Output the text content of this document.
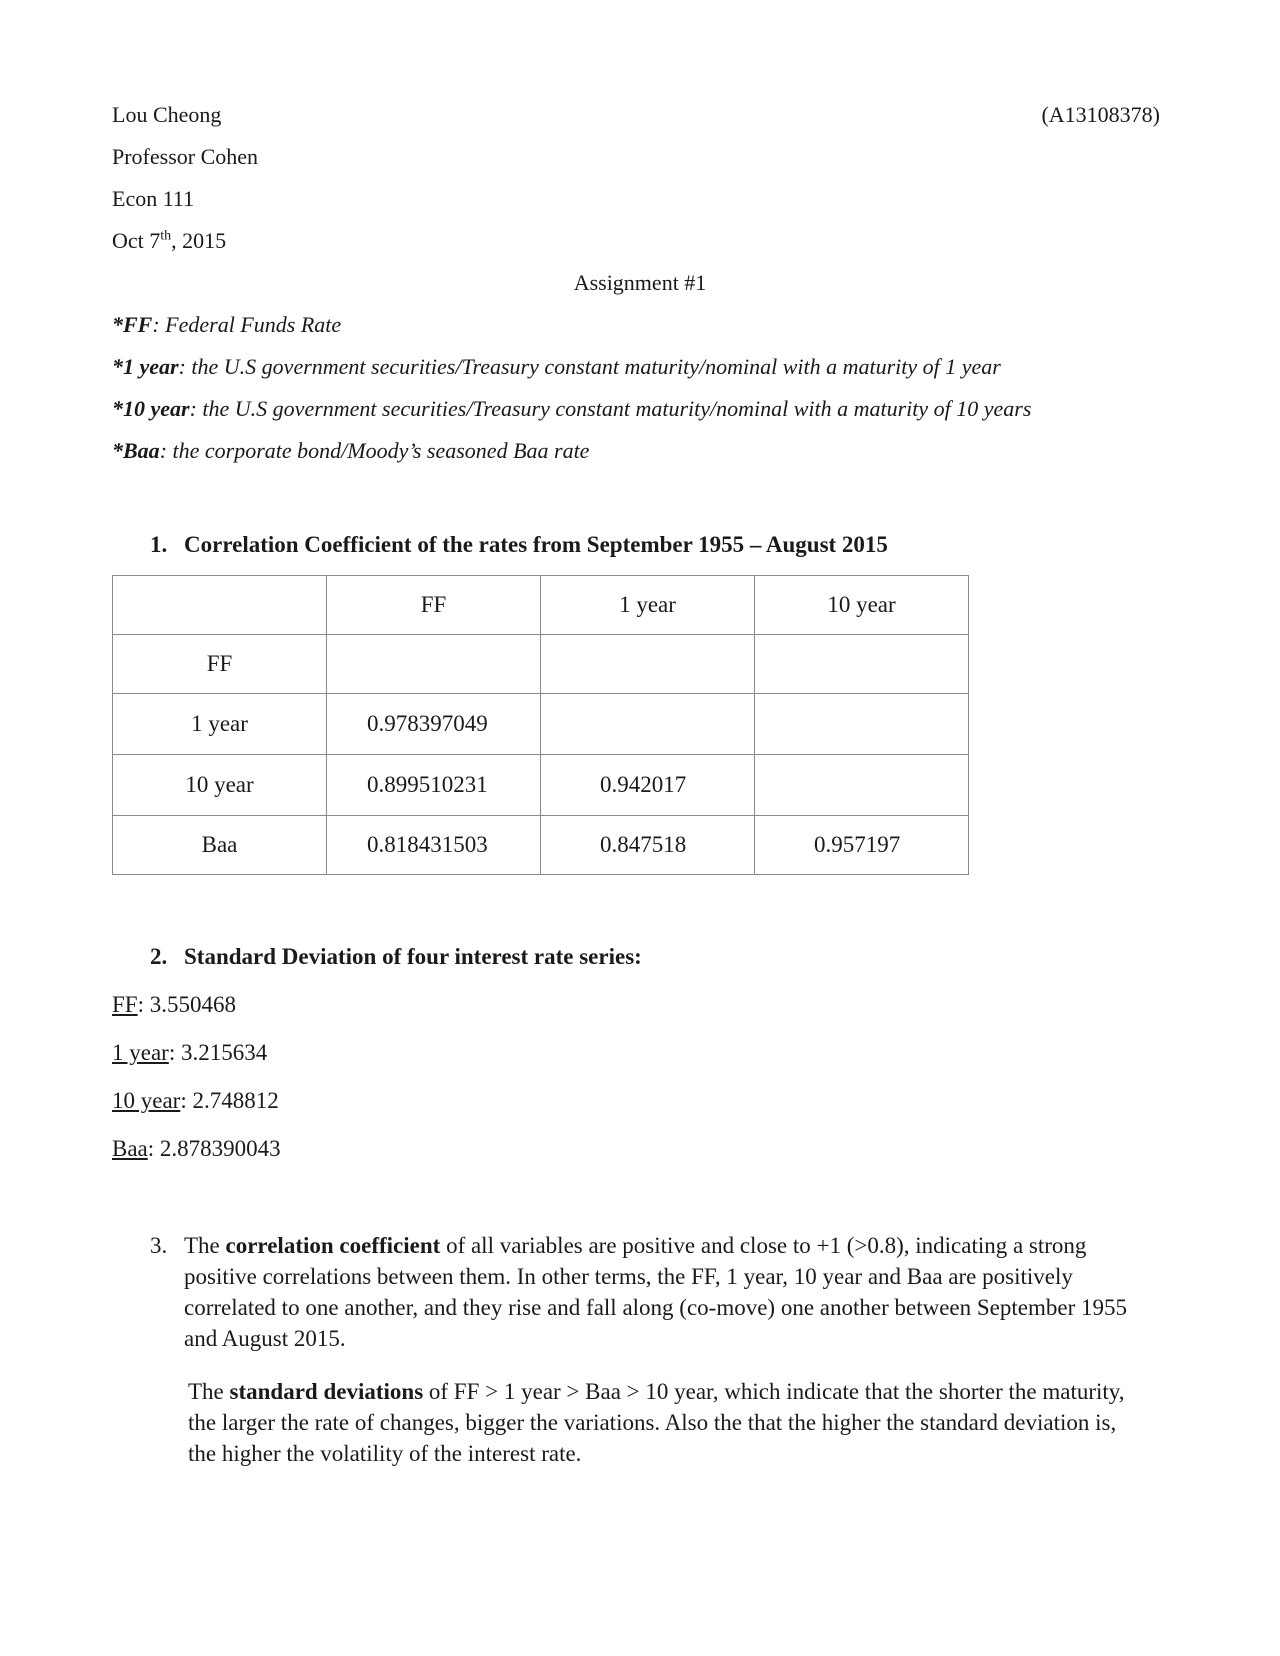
Lou Cheong	(A13108378)
Professor Cohen
Econ 111
Oct 7th, 2015
Assignment #1
*FF: Federal Funds Rate
*1 year: the U.S government securities/Treasury constant maturity/nominal with a maturity of 1 year
*10 year: the U.S government securities/Treasury constant maturity/nominal with a maturity of 10 years
*Baa: the corporate bond/Moody’s seasoned Baa rate
1. Correlation Coefficient of the rates from September 1955 – August 2015
	FF	1 year	10 year
FF			
1 year	0.978397049		
10 year	0.899510231	0.942017	
Baa	0.818431503	0.847518	0.957197
2. Standard Deviation of four interest rate series:
FF: 3.550468
1 year: 3.215634
10 year: 2.748812
Baa: 2.878390043
3. The correlation coefficient of all variables are positive and close to +1 (>0.8), indicating a strong positive correlations between them. In other terms, the FF, 1 year, 10 year and Baa are positively correlated to one another, and they rise and fall along (co-move) one another between September 1955 and August 2015.
The standard deviations of FF > 1 year > Baa > 10 year, which indicate that the shorter the maturity, the larger the rate of changes, bigger the variations. Also the that the higher the standard deviation is, the higher the volatility of the interest rate.
